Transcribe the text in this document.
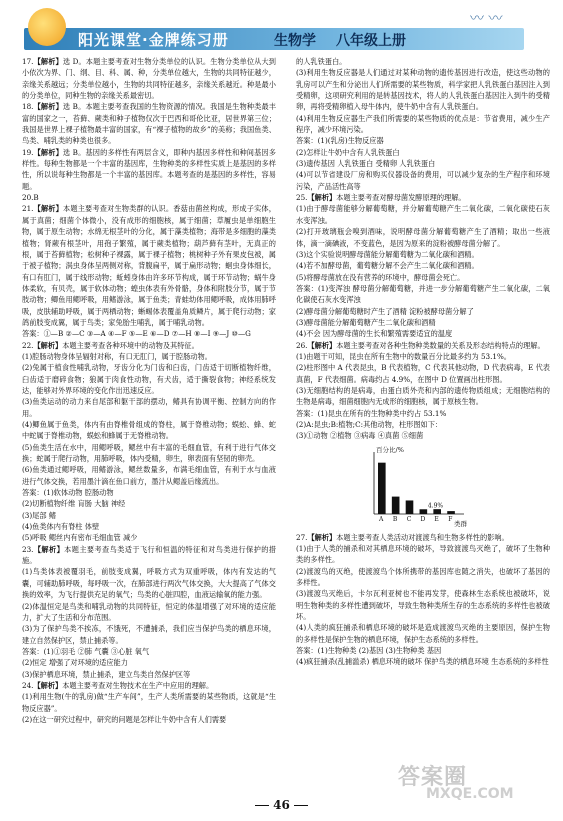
阳光课堂·金牌练习册	生物学 八年级上册
〰 〰

17.【解析】选 D。本题主要考查对生物分类单位的认识。生物分类单位从大到小依次为界、门、纲、目、科、属、种，分类单位越大，生物的共同特征越少，亲缘关系越远；分类单位越小，生物的共同特征越多，亲缘关系越近。种是最小的分类单位，同种生物的亲缘关系最密切。

18.【解析】选 B。本题主要考查我国的生物资源的情况。我国是生物种类最丰富的国家之一，苔藓、蕨类和种子植物仅次于巴西和哥伦比亚，居世界第三位；我国是世界上裸子植物最丰富的国家，有“裸子植物的故乡”的美称；我国鱼类、鸟类、哺乳类的种类也很多。

19.【解析】选 B。基因的多样性有两层含义，即种内基因多样性和种间基因多样性。每种生物都是一个丰富的基因库，生物种类的多样性实质上是基因的多样性，所以说每种生物都是一个丰富的基因库。本题考查的是基因的多样性，容易题。

20.B

21.【解析】本题主要考查对生物类群的认识。香菇由菌丝构成，形成子实体，属于真菌；细菌个体微小，没有成形的细胞核，属于细菌；草履虫是单细胞生物，属于原生动物；水绵无根茎叶的分化，属于藻类植物；海带是多细胞的藻类植物；肾蕨有根茎叶，用孢子繁殖，属于蕨类植物；葫芦藓有茎叶，无真正的根，属于苔藓植物；松树种子裸露，属于裸子植物；桃树种子外有果皮包被，属于被子植物；涡虫身体呈两侧对称，背腹扁平，属于扁形动物；蛔虫身体细长，有口有肛门，属于线形动物；蚯蚓身体由许多环节构成，属于环节动物；蜗牛身体柔软，有贝壳，属于软体动物；蝗虫体表有外骨骼，身体和附肢分节，属于节肢动物；鲫鱼用鳃呼吸，用鳍游泳，属于鱼类；青蛙幼体用鳃呼吸，成体用肺呼吸，皮肤辅助呼吸，属于两栖动物；蜥蜴体表覆盖角质鳞片，属于爬行动物；家鸽前肢变成翼，属于鸟类；家兔胎生哺乳，属于哺乳动物。

答案：①—B ②—C ③—A ④—F ⑤—E ⑥—D ⑦—H ⑧—I ⑨—J ⑩—G

22.【解析】本题主要考查各种环境中的动物及其特征。

(1)腔肠动物身体呈辐射对称，有口无肛门，属于腔肠动物。

(2)兔属于植食性哺乳动物，牙齿分化为门齿和臼齿，门齿适于切断植物纤维，臼齿适于磨碎食物；狼属于肉食性动物，有犬齿，适于撕裂食物；神经系统发达，能够对外界环境的变化作出迅速反应。

(3)鱼类运动的动力来自尾部和躯干部的摆动，鳍具有协调平衡、控制方向的作用。

(4)鲫鱼属于鱼类，体内有由脊椎骨组成的脊柱，属于脊椎动物；蜈蚣、蜂、蛇中蛇属于脊椎动物，蜈蚣和蜂属于无脊椎动物。

(5)鱼类生活在水中，用鳃呼吸，鳃丝中有丰富的毛细血管，有利于进行气体交换；蛇属于爬行动物，用肺呼吸，体内受精，卵生，卵表面有坚韧的卵壳。

(6)鱼类通过鳃呼吸，用鳍游泳，鳃丝数量多，布满毛细血管，有利于水与血液进行气体交换，若用墨汁滴在鱼口前方，墨汁从鳃盖后缘流出。

答案：(1)软体动物 腔肠动物

(2)切断植物纤维 肓肠 大脑 神经

(3)尾部 鳍

(4)鱼类体内有脊柱 体壁

(5)呼吸 鳃丝内有密布毛细血管 减少

23.【解析】本题主要考查鸟类适于飞行和恒温的特征和对鸟类进行保护的措施。

(1)鸟类体表被覆羽毛，前肢变成翼，呼吸方式为双重呼吸，体内有发达的气囊，可辅助肺呼吸，每呼吸一次，在肺部进行两次气体交换，大大提高了气体交换的效率，为飞行提供充足的氧气；鸟类的心脏四腔，血液运输氧的能力强。

(2)体温恒定是鸟类和哺乳动物的共同特征，恒定的体温增强了对环境的适应能力，扩大了生活和分布范围。

(3)为了保护鸟类不挨冻，不饿死，不遭捕杀，我们应当保护鸟类的栖息环境，建立自然保护区，禁止捕杀等。

答案：(1)①羽毛 ②肺 气囊 ③心脏 氧气

(2)恒定 增强了对环境的适应能力

(3)保护栖息环境，禁止捕杀，建立鸟类自然保护区等

24.【解析】本题主要考查对生物技术在生产中应用的理解。

(1)利用生物(牛的乳房)做“生产车间”，生产人类所需要的某些物质，这就是“生物反应器”。

(2)在这一研究过程中，研究的问题是怎样让牛奶中含有人们需要

的人乳铁蛋白。

(3)利用生物反应器是人们通过对某种动物的遗传基因进行改造，使这些动物的乳房可以产生和分泌出人们所需要的某些物质，科学家把人乳铁蛋白基因注入到受精卵，这项研究利用的是转基因技术，将人的人乳铁蛋白基因注入到牛的受精卵，再将受精卵植入母牛体内，使牛奶中含有人乳铁蛋白。

(4)利用生物反应器生产我们所需要的某些物质的优点是：节省费用，减少生产程序，减少环境污染。

答案：(1)(乳房)生物反应器

(2)怎样让牛奶中含有人乳铁蛋白

(3)遗传基因 人乳铁蛋白 受精卵 人乳铁蛋白

(4)可以节省建设厂房和购买仪器设备的费用，可以减少复杂的生产程序和环境污染，产品活性高等

25.【解析】本题主要考查对酵母菌发酵原理的理解。

(1)由于酵母菌能够分解葡萄糖，并分解葡萄糖产生二氧化碳，二氧化碳使石灰水变浑浊。

(2)打开玻璃瓶会嗅到酒味，说明酵母菌分解葡萄糖产生了酒精；取出一些液体，滴一滴碘液，不变蓝色，是因为原来的淀粉被酵母菌分解了。

(3)这个实验说明酵母菌能分解葡萄糖为二氧化碳和酒精。

(4)若不加酵母菌，葡萄糖分解不会产生二氧化碳和酒精。

(5)将酵母菌放在没有营养的环境中，酵母菌会死亡。

答案：(1)变浑浊 酵母菌分解葡萄糖，并进一步分解葡萄糖产生二氧化碳，二氧化碳使石灰水变浑浊

(2)酵母菌分解葡萄糖时产生了酒精 淀粉被酵母菌分解了

(3)酵母菌能分解葡萄糖产生二氧化碳和酒精

(4)不会 因为酵母菌的生长和繁殖需要适宜的温度

26.【解析】本题主要考查对各种生物种类数量的关系及形态结构特点的理解。

(1)由题干可知，昆虫在所有生物中的数量百分比最多约为 53.1%。

(2)柱形图中 A 代表昆虫，B 代表植物，C 代表其他动物，D 代表病毒，E 代表真菌，F 代表细菌。病毒约占 4.9%，在图中 D 位置画出柱形图。

(3)无细胞结构的是病毒，由蛋白质外壳和内部的遗传物质组成；无细胞结构的生物是病毒，细菌细胞内无成形的细胞核，属于原核生物。

答案：(1)昆虫在所有的生物种类中约占 53.1%

(2)A:昆虫;B:植物;C:其他动物，柱形图如下：

(3)①动物 ②植物 ③病毒 ④真菌 ⑤细菌

百分比/%
类群
A B C D
4.9%
E F

27.【解析】本题主要考查人类活动对渡渡鸟和生物多样性的影响。

(1)由于人类的捕杀和对其栖息环境的破坏，导致渡渡鸟灭绝了，破坏了生物种类的多样性。

(2)渡渡鸟的灭绝，使渡渡鸟个体所携带的基因库也随之消失，也破坏了基因的多样性。

(3)渡渡鸟灭绝后，卡尔瓦利亚树也不能再发芽，使森林生态系统也被破坏，说明生物种类的多样性遭到破坏，导致生物种类所生存的生态系统的多样性也被破坏。

(4)人类的疯狂捕杀和栖息环境的破坏是造成渡渡鸟灭绝的主要原因，保护生物的多样性是保护生物的栖息环境，保护生态系统的多样性。

答案：(1)生物种类 (2)基因 (3)生物种类 基因

(4)疯狂捕杀(乱捕滥杀) 栖息环境的破坏 保护鸟类的栖息环境 生态系统的多样性

46
答案圈
MXQE.COM
